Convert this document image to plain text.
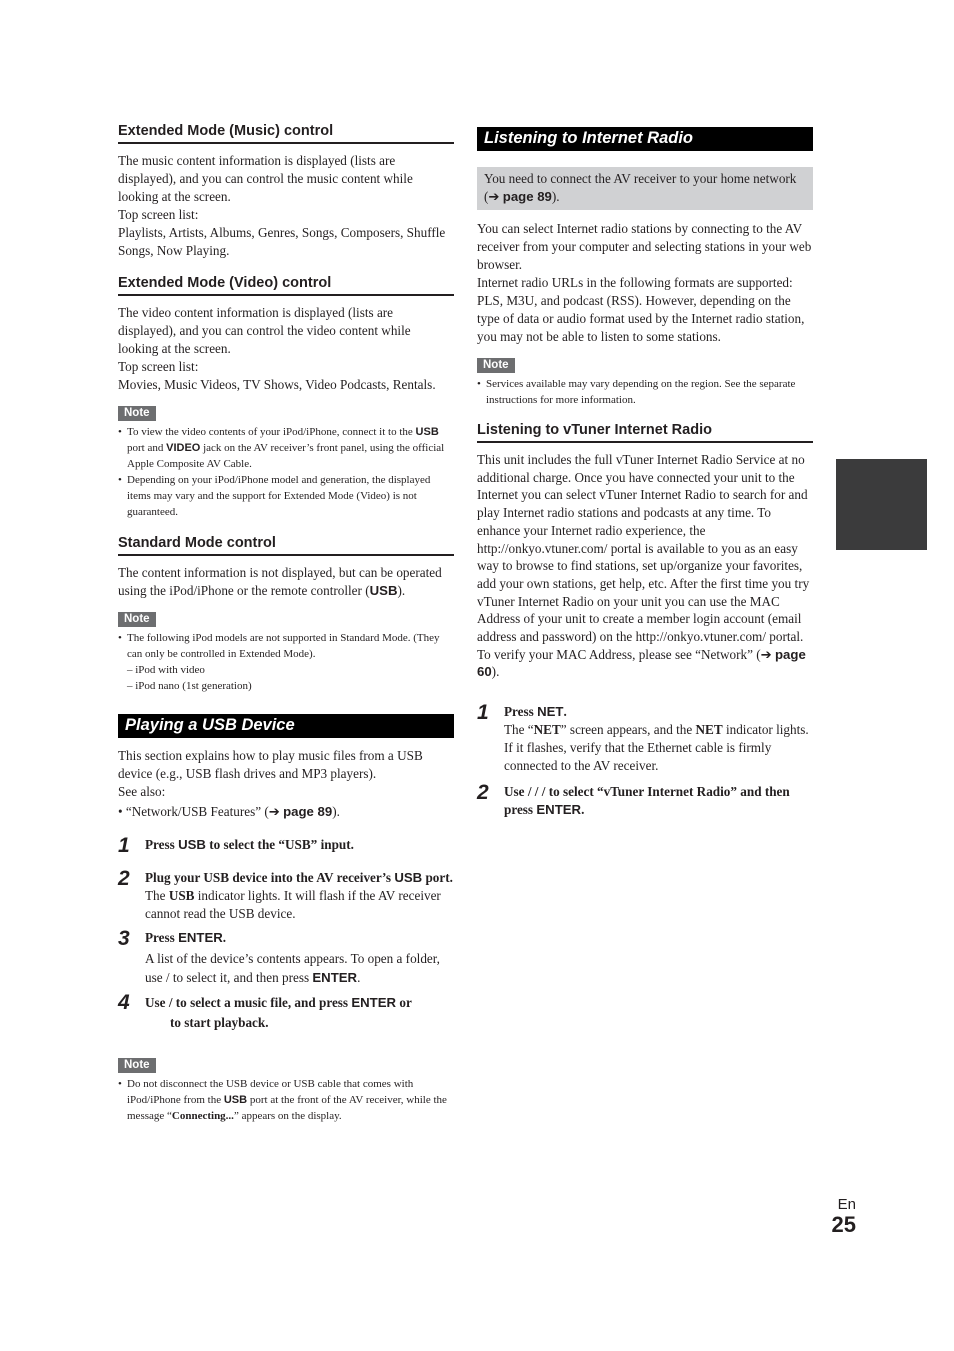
Extended Mode (Music) control

The music content information is displayed (lists are displayed), and you can control the music content while looking at the screen.

Top screen list:

Playlists, Artists, Albums, Genres, Songs, Composers, Shuffle Songs, Now Playing.

Extended Mode (Video) control

The video content information is displayed (lists are displayed), and you can control the video content while looking at the screen.

Top screen list:

Movies, Music Videos, TV Shows, Video Podcasts, Rentals.

Note
• To view the video contents of your iPod/iPhone, connect it to the USB port and VIDEO jack on the AV receiver’s front panel, using the official Apple Composite AV Cable.
• Depending on your iPod/iPhone model and generation, the displayed items may vary and the support for Extended Mode (Video) is not guaranteed.
Standard Mode control

The content information is not displayed, but can be operated using the iPod/iPhone or the remote controller (USB).

Note
• The following iPod models are not supported in Standard Mode. (They can only be controlled in Extended Mode).
– iPod with video
– iPod nano (1st generation)
Playing a USB Device

This section explains how to play music files from a USB device (e.g., USB flash drives and MP3 players).

See also:

• “Network/USB Features” (➔ page 89).

1 Press USB to select the “USB” input.
2 Plug your USB device into the AV receiver’s USB port.
The USB indicator lights. It will flash if the AV receiver cannot read the USB device.
3 Press ENTER.
A list of the device’s contents appears. To open a folder, use / to select it, and then press ENTER.
4 Use / to select a music file, and press ENTER or
to start playback.
Note
• Do not disconnect the USB device or USB cable that comes with iPod/iPhone from the USB port at the front of the AV receiver, while the message “Connecting...” appears on the display.
Listening to Internet Radio

You need to connect the AV receiver to your home network (➔ page 89).

You can select Internet radio stations by connecting to the AV receiver from your computer and selecting stations in your web browser.

Internet radio URLs in the following formats are supported: PLS, M3U, and podcast (RSS). However, depending on the type of data or audio format used by the Internet radio station, you may not be able to listen to some stations.

Note
• Services available may vary depending on the region. See the separate instructions for more information.
Listening to vTuner Internet Radio

This unit includes the full vTuner Internet Radio Service at no additional charge. Once you have connected your unit to the Internet you can select vTuner Internet Radio to search for and play Internet radio stations and podcasts at any time. To enhance your Internet radio experience, the http://onkyo.vtuner.com/ portal is available to you as an easy way to browse to find stations, set up/organize your favorites, add your own stations, get help, etc. After the first time you try vTuner Internet Radio on your unit you can use the MAC Address of your unit to create a member login account (email address and password) on the http://onkyo.vtuner.com/ portal. To verify your MAC Address, please see “Network” (➔ page 60).

1 Press NET.
The “NET” screen appears, and the NET indicator lights. If it flashes, verify that the Ethernet cable is firmly connected to the AV receiver.
2 Use / / / to select “vTuner Internet Radio” and then press ENTER.
En
25
